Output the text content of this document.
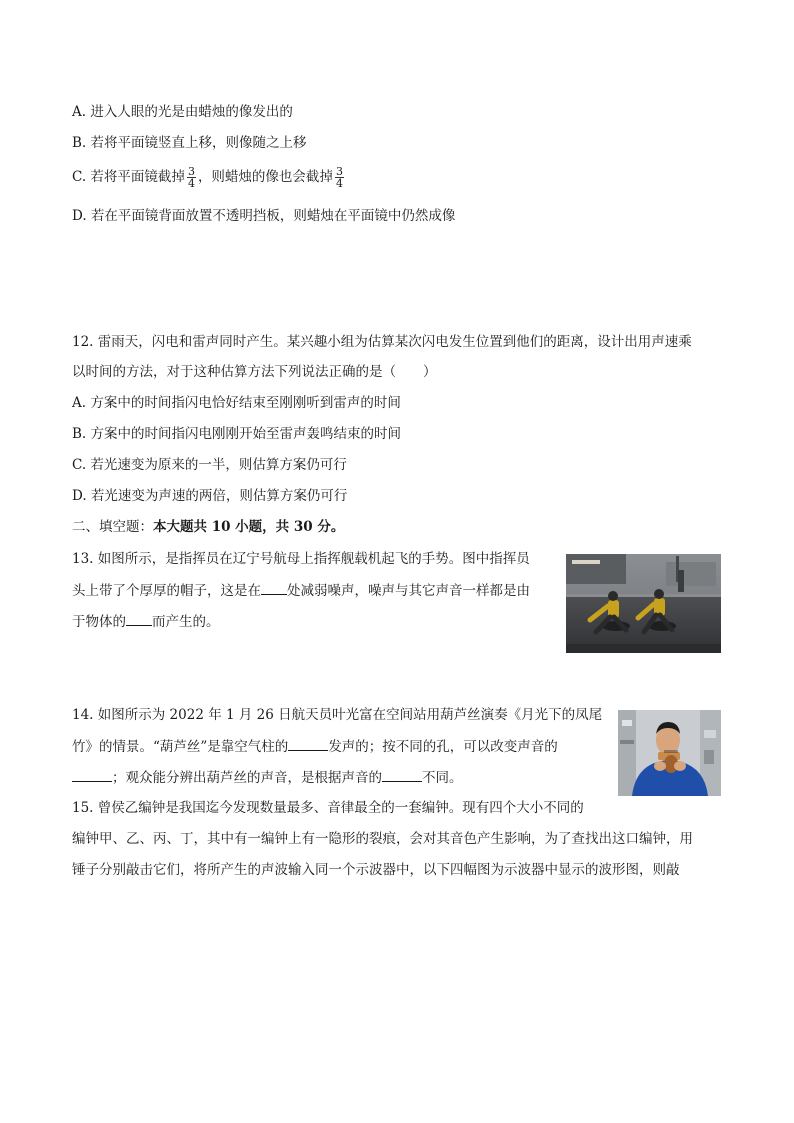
A. 进入人眼的光是由蜡烛的像发出的
B. 若将平面镜竖直上移，则像随之上移
C. 若将平面镜截掉 $\frac{3}{4}$ ，则蜡烛的像也会截掉 $\frac{3}{4}$
D. 若在平面镜背面放置不透明挡板，则蜡烛在平面镜中仍然成像
12. 雷雨天，闪电和雷声同时产生。某兴趣小组为估算某次闪电发生位置到他们的距离，设计出用声速乘
以时间的方法，对于这种估算方法下列说法正确的是（　　）
A. 方案中的时间指闪电恰好结束至刚刚听到雷声的时间
B. 方案中的时间指闪电刚刚开始至雷声轰鸣结束的时间
C. 若光速变为原来的一半，则估算方案仍可行
D. 若光速变为声速的两倍，则估算方案仍可行
二、填空题：本大题共 10 小题，共 30 分。
13. 如图所示，是指挥员在辽宁号航母上指挥舰载机起飞的手势。图中指挥员
头上带了个厚厚的帽子，这是在 处减弱噪声，噪声与其它声音一样都是由
于物体的 而产生的。
14. 如图所示为 2022 年 1 月 26 日航天员叶光富在空间站用葫芦丝演奏《月光下的凤尾
竹》的情景。“葫芦丝”是靠空气柱的	发声的；按不同的孔，可以改变声音的
；观众能分辨出葫芦丝的声音，是根据声音的	不同。
15. 曾侯乙编钟是我国迄今发现数量最多、音律最全的一套编钟。现有四个大小不同的
编钟甲、乙、丙、丁，其中有一编钟上有一隐形的裂痕，会对其音色产生影响，为了查找出这口编钟，用
锤子分别敲击它们，将所产生的声波输入同一个示波器中，以下四幅图为示波器中显示的波形图，则敲
